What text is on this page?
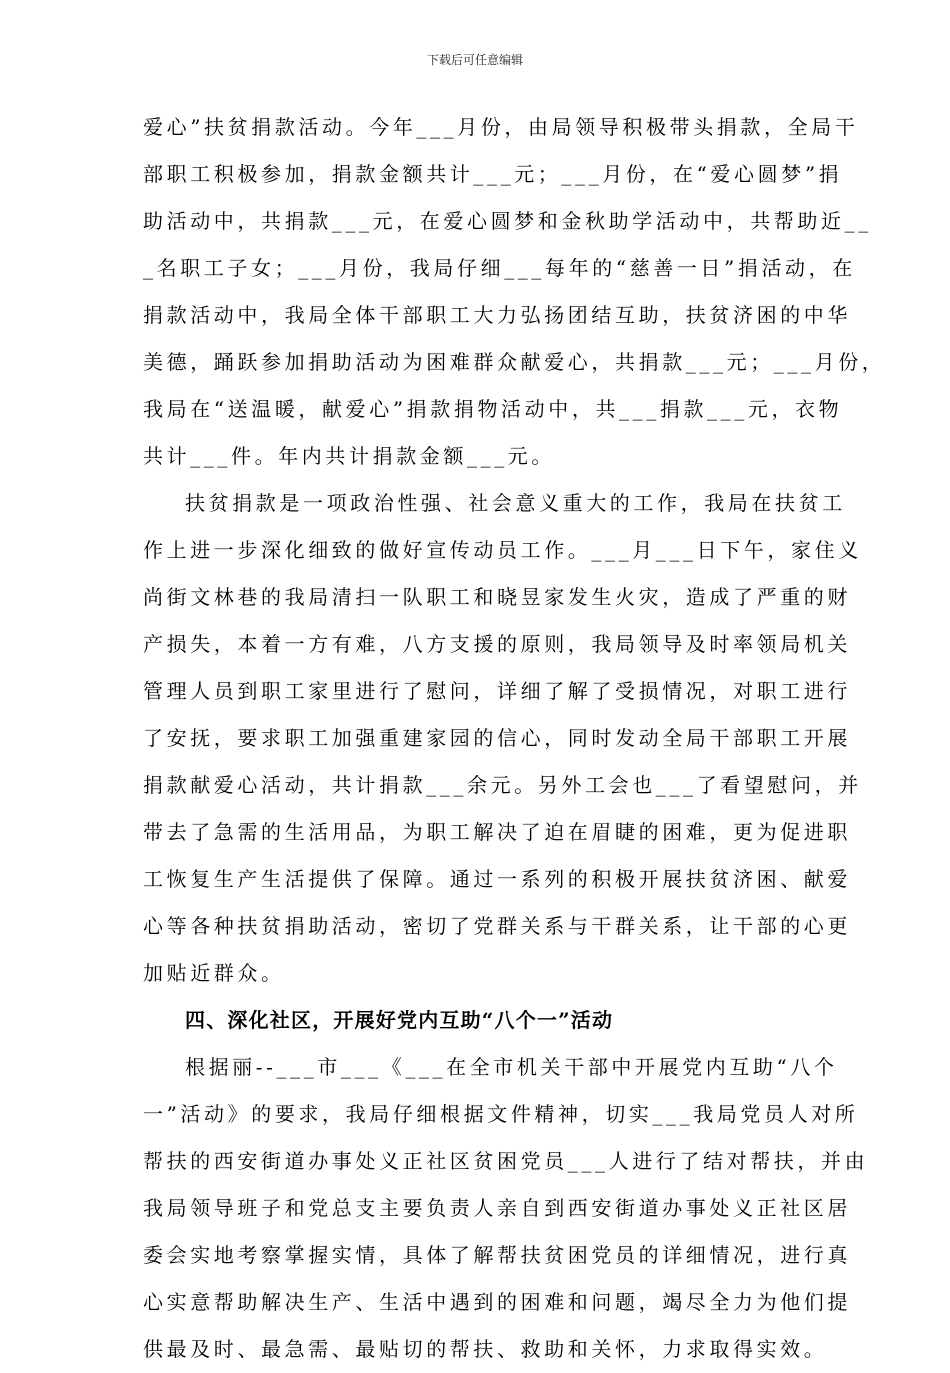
下载后可任意编辑
爱心”扶贫捐款活动。今年___月份，由局领导积极带头捐款，全局干
部职工积极参加，捐款金额共计___元；___月份，在“爱心圆梦”捐
助活动中，共捐款___元，在爱心圆梦和金秋助学活动中，共帮助近__
_名职工子女；___月份，我局仔细___每年的“慈善一日”捐活动，在
捐款活动中，我局全体干部职工大力弘扬团结互助，扶贫济困的中华
美德，踊跃参加捐助活动为困难群众献爱心，共捐款___元；___月份，
我局在“送温暖，献爱心”捐款捐物活动中，共___捐款___元，衣物
共计___件。年内共计捐款金额___元。
扶贫捐款是一项政治性强、社会意义重大的工作，我局在扶贫工
作上进一步深化细致的做好宣传动员工作。___月___日下午，家住义
尚街文林巷的我局清扫一队职工和晓昱家发生火灾，造成了严重的财
产损失，本着一方有难，八方支援的原则，我局领导及时率领局机关
管理人员到职工家里进行了慰问，详细了解了受损情况，对职工进行
了安抚，要求职工加强重建家园的信心，同时发动全局干部职工开展
捐款献爱心活动，共计捐款___余元。另外工会也___了看望慰问，并
带去了急需的生活用品，为职工解决了迫在眉睫的困难，更为促进职
工恢复生产生活提供了保障。通过一系列的积极开展扶贫济困、献爱
心等各种扶贫捐助活动，密切了党群关系与干群关系，让干部的心更
加贴近群众。
四、深化社区，开展好党内互助“八个一”活动
根据丽--___市___《___在全市机关干部中开展党内互助“八个
一”活动》的要求，我局仔细根据文件精神，切实___我局党员人对所
帮扶的西安街道办事处义正社区贫困党员___人进行了结对帮扶，并由
我局领导班子和党总支主要负责人亲自到西安街道办事处义正社区居
委会实地考察掌握实情，具体了解帮扶贫困党员的详细情况，进行真
心实意帮助解决生产、生活中遇到的困难和问题，竭尽全力为他们提
供最及时、最急需、最贴切的帮扶、救助和关怀，力求取得实效。
